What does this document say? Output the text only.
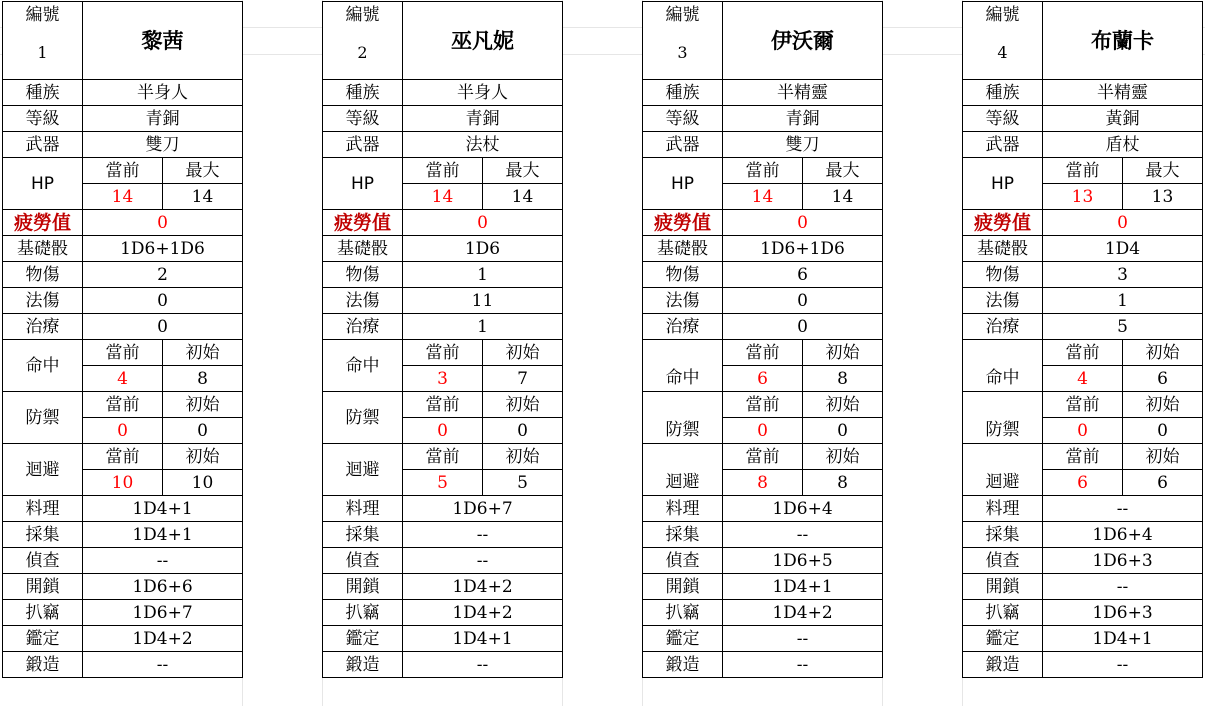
編號	黎茜	
1		
種族	半身人	
等級	青銅	
武器	雙刀	
HP	當前	最大
	14	14
疲勞值	0	
基礎骰	1D6+1D6	
物傷	2	
法傷	0	
治療	0	
命中	當前	初始
	4	8
防禦	當前	初始
	0	0
迴避	當前	初始
	10	10
料理	1D4+1	
採集	1D4+1	
偵查	--	
開鎖	1D6+6	
扒竊	1D6+7	
鑑定	1D4+2	
鍛造	--	
編號	巫凡妮	
2		
種族	半身人	
等級	青銅	
武器	法杖	
HP	當前	最大
	14	14
疲勞值	0	
基礎骰	1D6	
物傷	1	
法傷	11	
治療	1	
命中	當前	初始
	3	7
防禦	當前	初始
	0	0
迴避	當前	初始
	5	5
料理	1D6+7	
採集	--	
偵查	--	
開鎖	1D4+2	
扒竊	1D4+2	
鑑定	1D4+1	
鍛造	--	
編號	伊沃爾	
3		
種族	半精靈	
等級	青銅	
武器	雙刀	
HP	當前	最大
	14	14
疲勞值	0	
基礎骰	1D6+1D6	
物傷	6	
法傷	0	
治療	0	
	當前	初始
命中	6	8
	當前	初始
防禦	0	0
	當前	初始
迴避	8	8
料理	1D6+4	
採集	--	
偵查	1D6+5	
開鎖	1D4+1	
扒竊	1D4+2	
鑑定	--	
鍛造	--	
編號	布蘭卡	
4		
種族	半精靈	
等級	黃銅	
武器	盾杖	
HP	當前	最大
	13	13
疲勞值	0	
基礎骰	1D4	
物傷	3	
法傷	1	
治療	5	
	當前	初始
命中	4	6
	當前	初始
防禦	0	0
	當前	初始
迴避	6	6
料理	--	
採集	1D6+4	
偵查	1D6+3	
開鎖	--	
扒竊	1D6+3	
鑑定	1D4+1	
鍛造	--	
